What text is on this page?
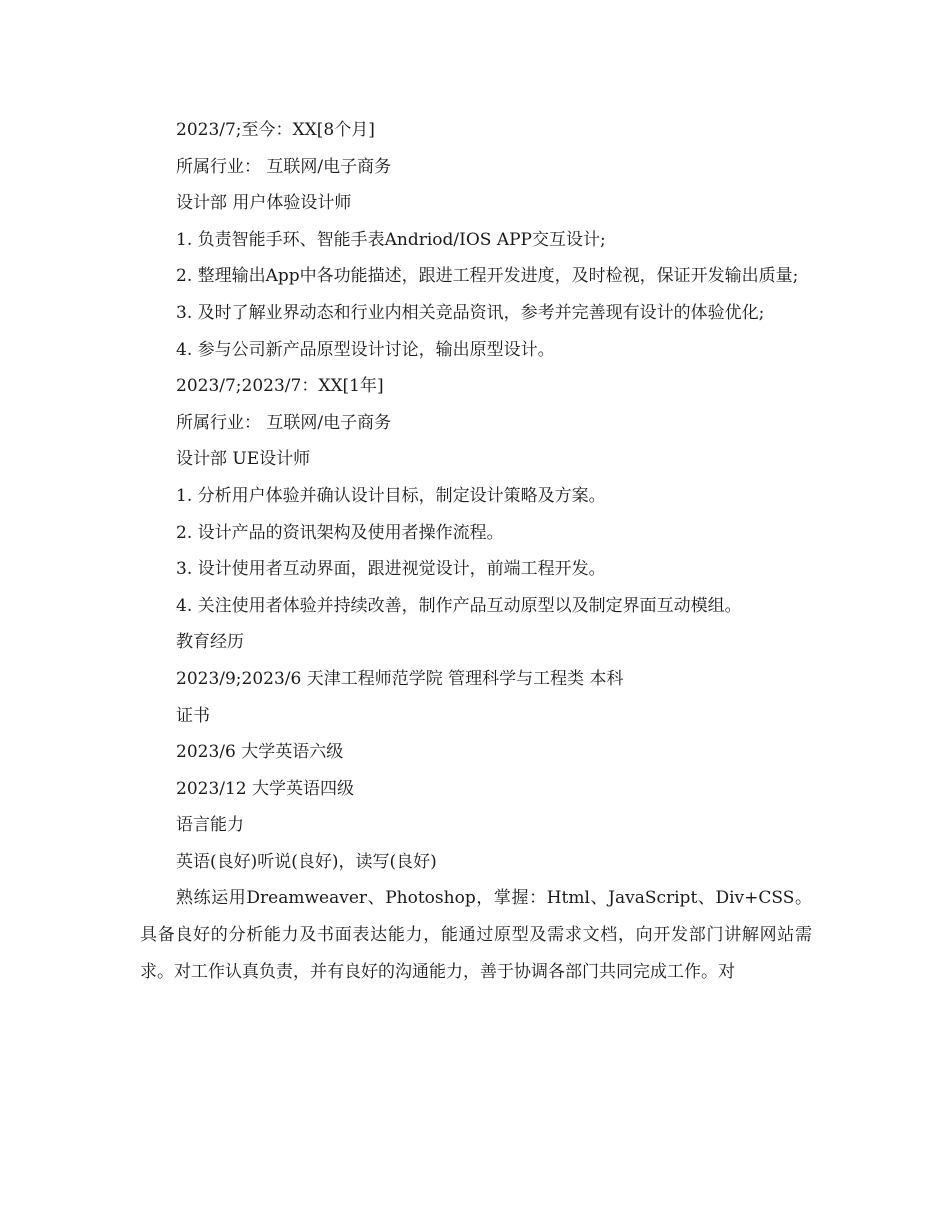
2023/7;至今：XX[8个月]

所属行业： 互联网/电子商务

设计部 用户体验设计师

1. 负责智能手环、智能手表Andriod/IOS APP交互设计;

2. 整理输出App中各功能描述，跟进工程开发进度，及时检视，保证开发输出质量;

3. 及时了解业界动态和行业内相关竞品资讯，参考并完善现有设计的体验优化;

4. 参与公司新产品原型设计讨论，输出原型设计。

2023/7;2023/7：XX[1年]

所属行业： 互联网/电子商务

设计部 UE设计师

1. 分析用户体验并确认设计目标，制定设计策略及方案。

2. 设计产品的资讯架构及使用者操作流程。

3. 设计使用者互动界面，跟进视觉设计，前端工程开发。

4. 关注使用者体验并持续改善，制作产品互动原型以及制定界面互动模组。

教育经历

2023/9;2023/6 天津工程师范学院 管理科学与工程类 本科

证书

2023/6 大学英语六级

2023/12 大学英语四级

语言能力

英语(良好)听说(良好)，读写(良好)

熟练运用Dreamweaver、Photoshop，掌握：Html、JavaScript、Div+CSS。具备良好的分析能力及书面表达能力，能通过原型及需求文档，向开发部门讲解网站需求。对工作认真负责，并有良好的沟通能力，善于协调各部门共同完成工作。对
